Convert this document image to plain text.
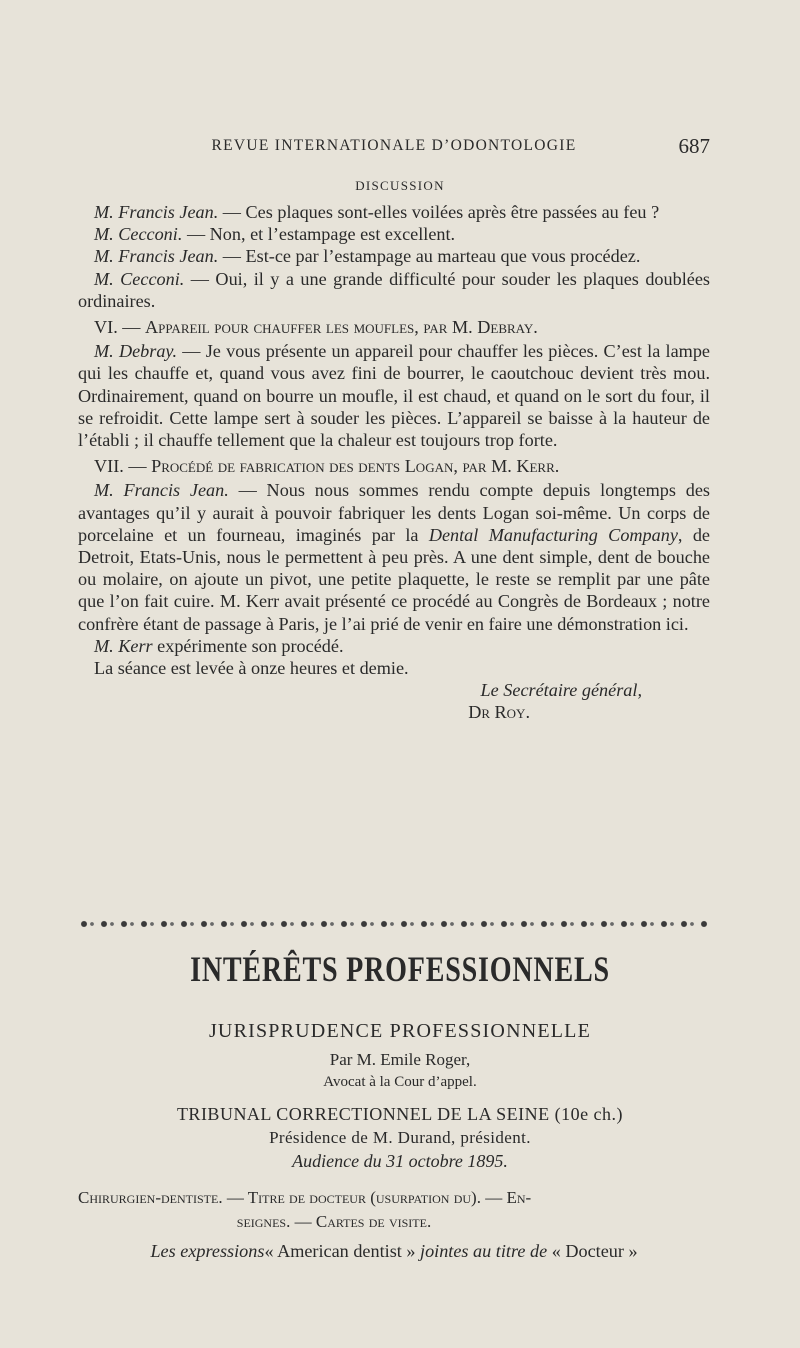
REVUE INTERNATIONALE D’ODONTOLOGIE	687
DISCUSSION

M. Francis Jean. — Ces plaques sont-elles voilées après être passées au feu ?

M. Cecconi. — Non, et l’estampage est excellent.

M. Francis Jean. — Est-ce par l’estampage au marteau que vous procédez.

M. Cecconi. — Oui, il y a une grande difficulté pour souder les plaques doublées ordinaires.

VI. — Appareil pour chauffer les moufles, par M. Debray.

M. Debray. — Je vous présente un appareil pour chauffer les pièces. C’est la lampe qui les chauffe et, quand vous avez fini de bourrer, le caoutchouc devient très mou. Ordinairement, quand on bourre un moufle, il est chaud, et quand on le sort du four, il se refroidit. Cette lampe sert à souder les pièces. L’appareil se baisse à la hauteur de l’établi ; il chauffe tellement que la chaleur est toujours trop forte.

VII. — Procédé de fabrication des dents Logan, par M. Kerr.

M. Francis Jean. — Nous nous sommes rendu compte depuis longtemps des avantages qu’il y aurait à pouvoir fabriquer les dents Logan soi-même. Un corps de porcelaine et un fourneau, imaginés par la Dental Manufacturing Company, de Detroit, Etats-Unis, nous le permettent à peu près. A une dent simple, dent de bouche ou molaire, on ajoute un pivot, une petite plaquette, le reste se remplit par une pâte que l’on fait cuire. M. Kerr avait présenté ce procédé au Congrès de Bordeaux ; notre confrère étant de passage à Paris, je l’ai prié de venir en faire une démonstration ici.

M. Kerr expérimente son procédé.

La séance est levée à onze heures et demie.

Le Secrétaire général,

Dr Roy.

INTÉRÊTS PROFESSIONNELS
JURISPRUDENCE PROFESSIONNELLE
Par M. Emile Roger,
Avocat à la Cour d’appel.
TRIBUNAL CORRECTIONNEL DE LA SEINE (10e ch.)
Présidence de M. Durand, président.
Audience du 31 octobre 1895.
Chirurgien-dentiste. — Titre de docteur (usurpation du). — En-
seignes. — Cartes de visite.
Les expressions« American dentist » jointes au titre de « Docteur »
